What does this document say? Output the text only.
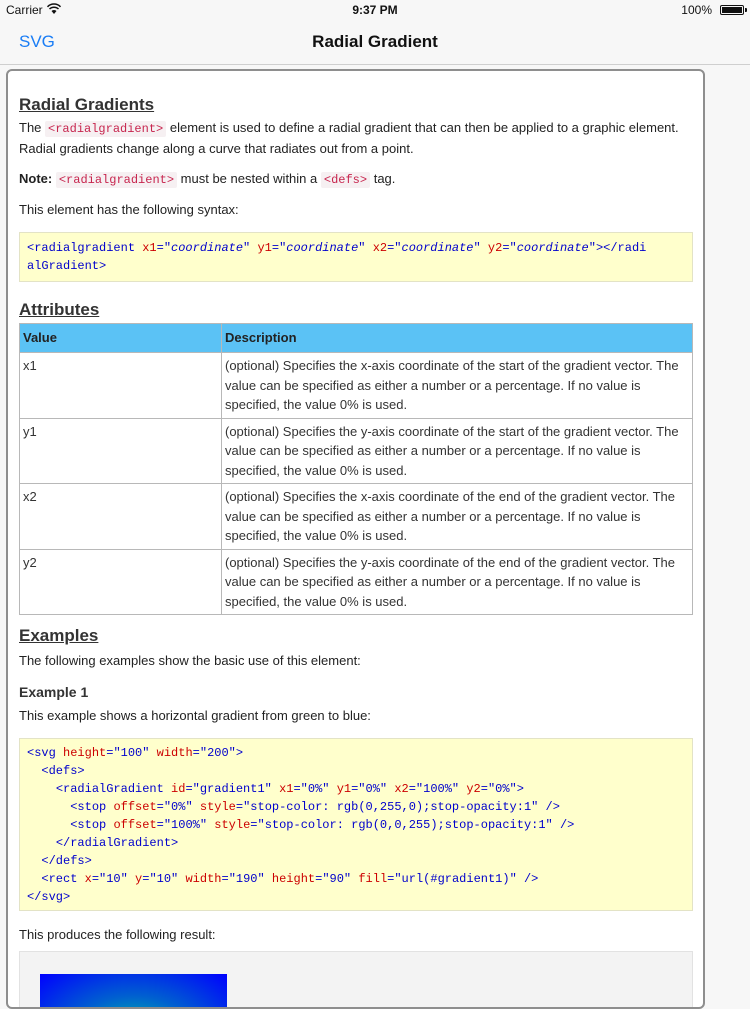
Carrier	9:37 PM	100%
SVG	Radial Gradient
Radial Gradients

The <radialgradient> element is used to define a radial gradient that can then be applied to a graphic element. Radial gradients change along a curve that radiates out from a point.

Note: <radialgradient> must be nested within a <defs> tag.

This element has the following syntax:

<radialgradient x1="coordinate" y1="coordinate" x2="coordinate" y2="coordinate"></radi
alGradient>
Attributes
Value	Description
x1	(optional) Specifies the x-axis coordinate of the start of the gradient vector. The value can be specified as either a number or a percentage. If no value is specified, the value 0% is used.
y1	(optional) Specifies the y-axis coordinate of the start of the gradient vector. The value can be specified as either a number or a percentage. If no value is specified, the value 0% is used.
x2	(optional) Specifies the x-axis coordinate of the end of the gradient vector. The value can be specified as either a number or a percentage. If no value is specified, the value 0% is used.
y2	(optional) Specifies the y-axis coordinate of the end of the gradient vector. The value can be specified as either a number or a percentage. If no value is specified, the value 0% is used.
Examples

The following examples show the basic use of this element:

Example 1

This example shows a horizontal gradient from green to blue:

<svg height="100" width="200">
<defs>
<radialGradient id="gradient1" x1="0%" y1="0%" x2="100%" y2="0%">
<stop offset="0%" style="stop-color: rgb(0,255,0);stop-opacity:1" />
<stop offset="100%" style="stop-color: rgb(0,0,255);stop-opacity:1" />
</radialGradient>
</defs>
<rect x="10" y="10" width="190" height="90" fill="url(#gradient1)" />
</svg>

This produces the following result:
